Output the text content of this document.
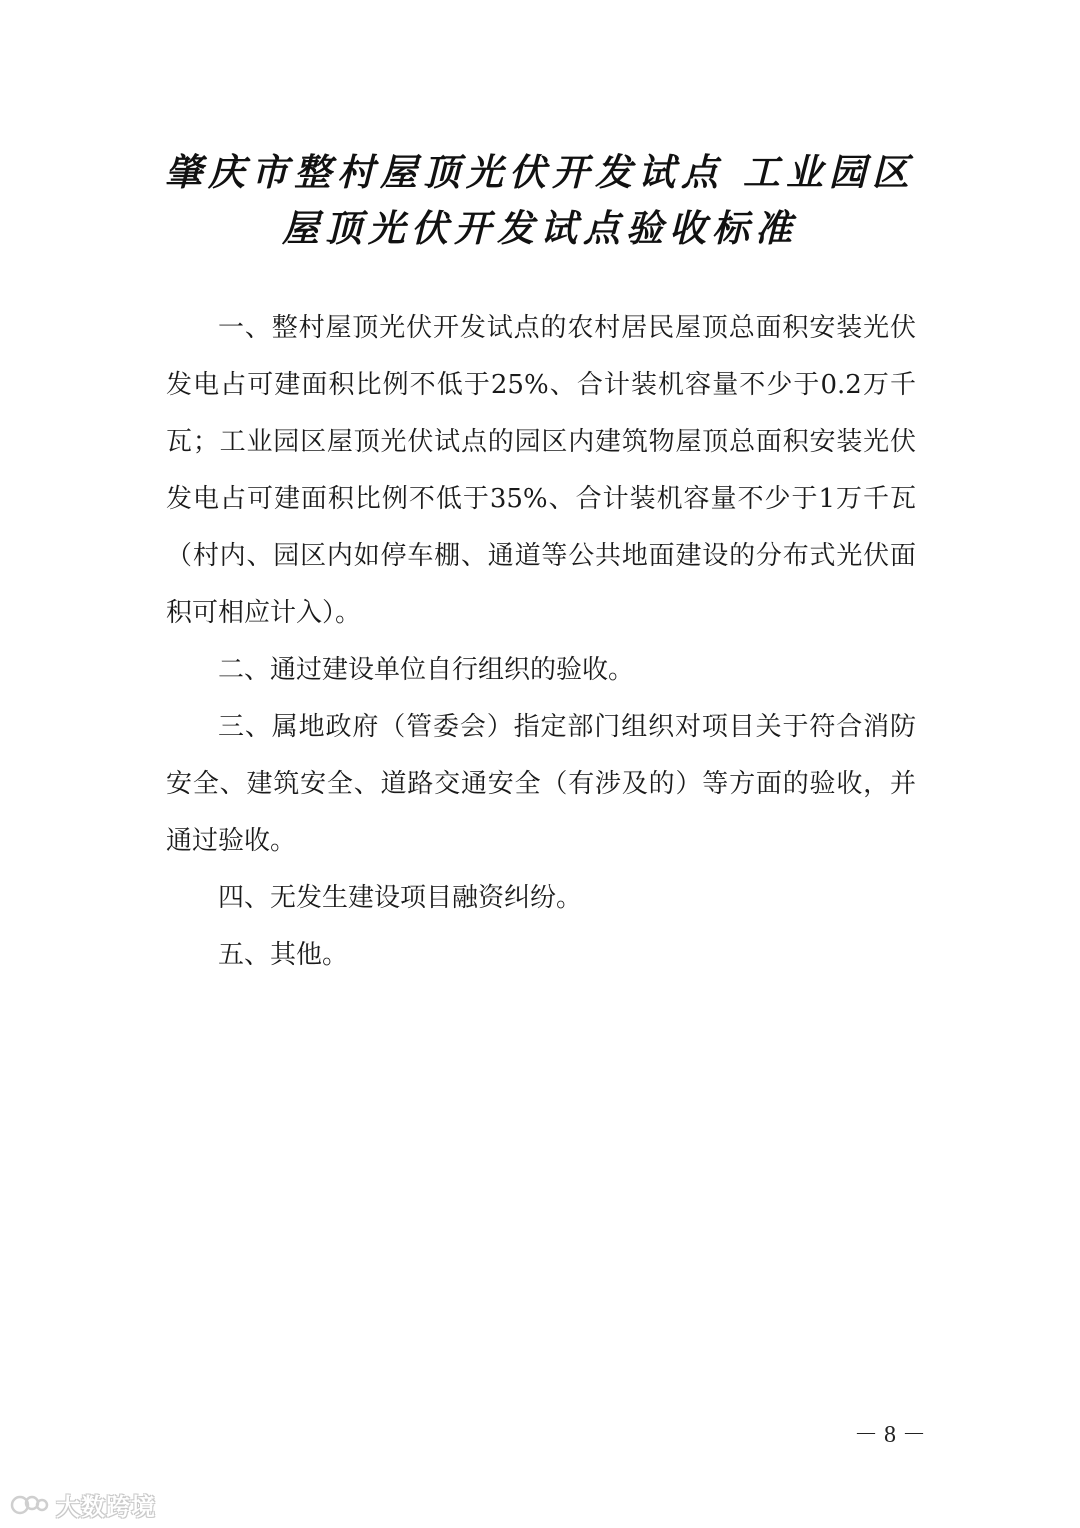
肇庆市整村屋顶光伏开发试点 工业园区
屋顶光伏开发试点验收标准

一、整村屋顶光伏开发试点的农村居民屋顶总面积安装光伏发电占可建面积比例不低于25%、合计装机容量不少于0.2万千瓦；工业园区屋顶光伏试点的园区内建筑物屋顶总面积安装光伏发电占可建面积比例不低于35%、合计装机容量不少于1万千瓦（村内、园区内如停车棚、通道等公共地面建设的分布式光伏面积可相应计入）。

二、通过建设单位自行组织的验收。

三、属地政府（管委会）指定部门组织对项目关于符合消防安全、建筑安全、道路交通安全（有涉及的）等方面的验收，并通过验收。

四、无发生建设项目融资纠纷。

五、其他。

－ 8 －
大数跨境
